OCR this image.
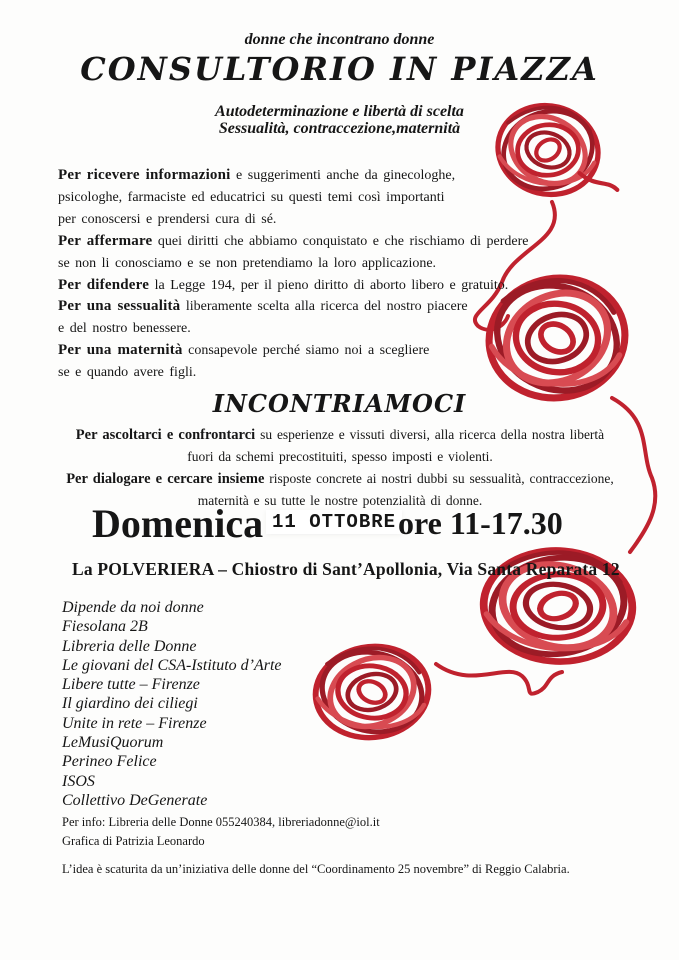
donne che incontrano donne
CONSULTORIO IN PIAZZA
Autodeterminazione e libertà di scelta
Sessualità, contraccezione,maternità
Per ricevere informazioni e suggerimenti anche da ginecologhe,
psicologhe, farmaciste ed educatrici su questi temi così importanti
per conoscersi e prendersi cura di sé.
Per affermare quei diritti che abbiamo conquistato e che rischiamo di perdere
se non li conosciamo e se non pretendiamo la loro applicazione.
Per difendere la Legge 194, per il pieno diritto di aborto libero e gratuito.
Per una sessualità liberamente scelta alla ricerca del nostro piacere
e del nostro benessere.
Per una maternità consapevole perché siamo noi a scegliere
se e quando avere figli.
INCONTRIAMOCI
Per ascoltarci e confrontarci su esperienze e vissuti diversi, alla ricerca della nostra libertà
fuori da schemi precostituiti, spesso imposti e violenti.
Per dialogare e cercare insieme risposte concrete ai nostri dubbi su sessualità, contraccezione,
maternità e su tutte le nostre potenzialità di donne.
Domenica 11 OTTOBRE ore 11-17.30
La POLVERIERA – Chiostro di Sant’Apollonia, Via Santa Reparata 12
Dipende da noi donne
Fiesolana 2B
Libreria delle Donne
Le giovani del CSA-Istituto d’Arte
Libere tutte – Firenze
Il giardino dei ciliegi
Unite in rete – Firenze
LeMusiQuorum
Perineo Felice
ISOS
Collettivo DeGenerate
Per info: Libreria delle Donne 055240384, libreriadonne@iol.it
Grafica di Patrizia Leonardo
L’idea è scaturita da un’iniziativa delle donne del “Coordinamento 25 novembre” di Reggio Calabria.
